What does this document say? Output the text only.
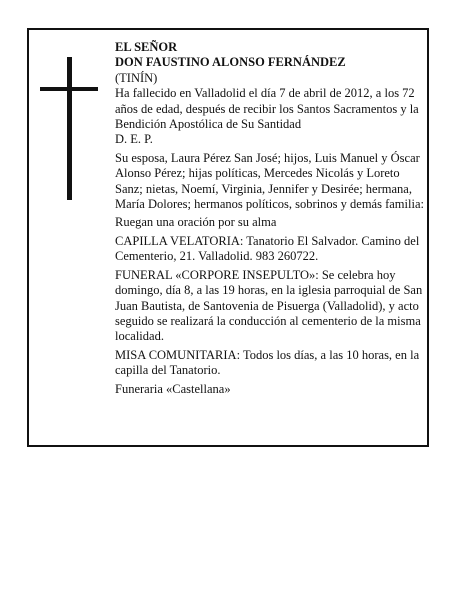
EL SEÑOR

DON FAUSTINO ALONSO FERNÁNDEZ

(TINÍN)

Ha fallecido en Valladolid el día 7 de abril de 2012, a los 72 años de edad, después de recibir los Santos Sacramentos y la Bendición Apostólica de Su Santidad

D. E. P.

Su esposa, Laura Pérez San José; hijos, Luis Manuel y Óscar Alonso Pérez; hijas políticas, Mercedes Nicolás y Loreto Sanz; nietas, Noemí, Virginia, Jennifer y Desirée; hermana, María Dolores; hermanos políticos, sobrinos y demás familia:

Ruegan una oración por su alma

CAPILLA VELATORIA: Tanatorio El Salvador. Camino del Cementerio, 21. Valladolid. 983 260722.

FUNERAL «CORPORE INSEPULTO»: Se celebra hoy domingo, día 8, a las 19 horas, en la iglesia parroquial de San Juan Bautista, de Santovenia de Pisuerga (Valladolid), y acto seguido se realizará la conducción al cementerio de la misma localidad.

MISA COMUNITARIA: Todos los días, a las 10 horas, en la capilla del Tanatorio.

Funeraria «Castellana»
